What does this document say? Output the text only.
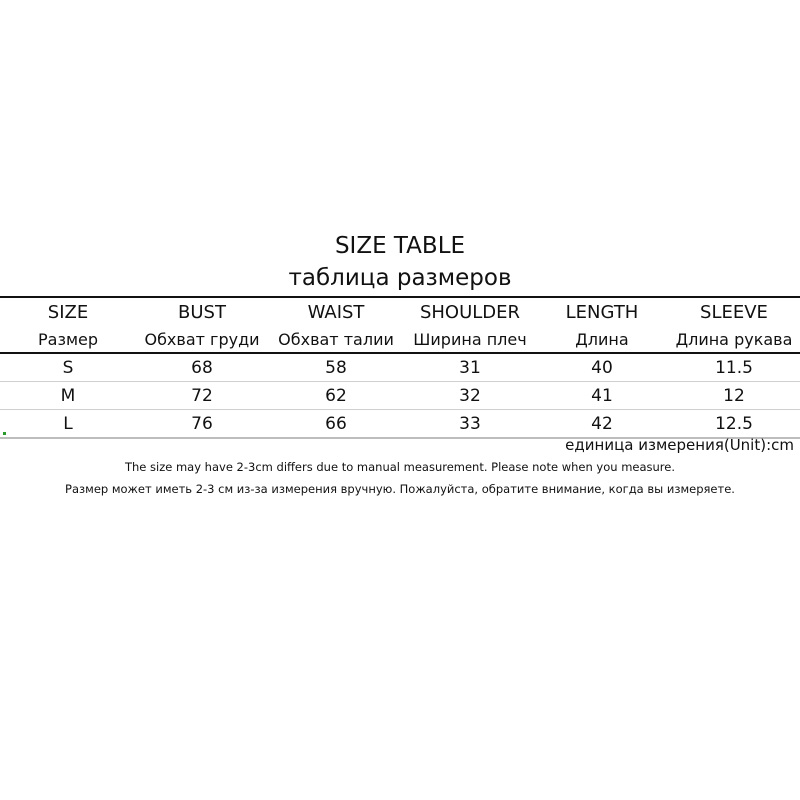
SIZE TABLE
таблица размеров
SIZE	BUST	WAIST	SHOULDER	LENGTH	SLEEVE
Размер	Обхват груди	Обхват талии	Ширина плеч	Длина	Длина рукава
S	68	58	31	40	11.5
M	72	62	32	41	12
L	76	66	33	42	12.5
единица измерения(Unit):cm
The size may have 2-3cm differs due to manual measurement. Please note when you measure.
Размер может иметь 2-3 см из-за измерения вручную. Пожалуйста, обратите внимание, когда вы измеряете.
